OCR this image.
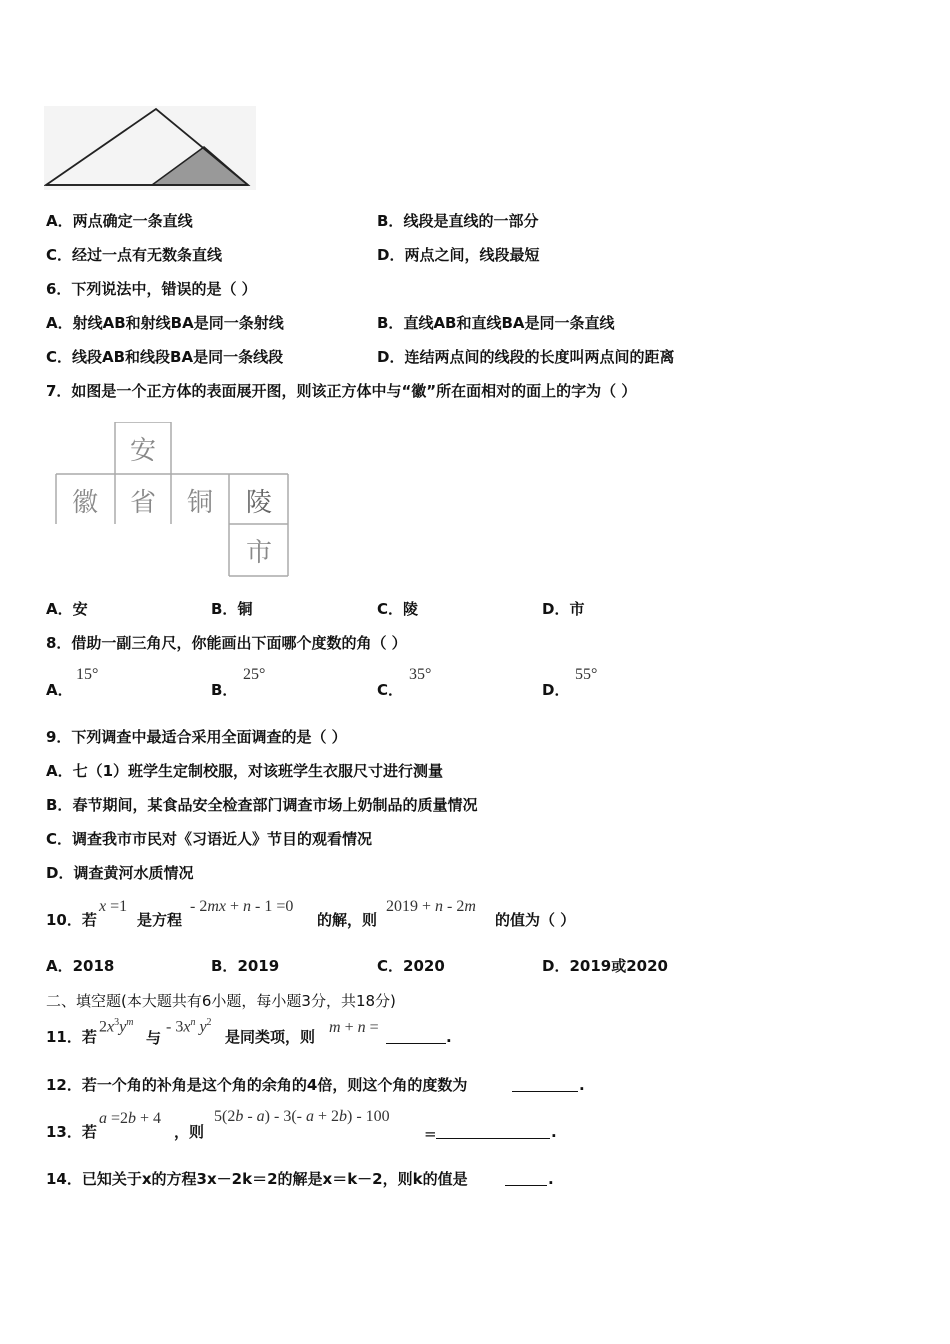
A．两点确定一条直线	B．线段是直线的一部分
C．经过一点有无数条直线	D．两点之间，线段最短
6．下列说法中，错误的是（ ）
A．射线AB和射线BA是同一条射线	B．直线AB和直线BA是同一条直线
C．线段AB和线段BA是同一条线段	D．连结两点间的线段的长度叫两点间的距离
7．如图是一个正方体的表面展开图，则该正方体中与“徽”所在面相对的面上的字为（ ）
安
徽	省	铜	陵
市
A．安	B．铜	C．陵	D．市
8．借助一副三角尺，你能画出下面哪个度数的角（ ）
A．
15°
B．
25°
C．
35°
D．
55°
9．下列调查中最适合采用全面调查的是（ ）
A．七（1）班学生定制校服，对该班学生衣服尺寸进行测量
B．春节期间，某食品安全检查部门调查市场上奶制品的质量情况
C．调查我市市民对《习语近人》节目的观看情况
D．调查黄河水质情况
10．若
x =1
是方程
- 2mx + n - 1 =0
的解，则
2019 + n - 2m
的值为（ ）
A．2018	B．2019	C．2020	D．2019或2020
二、填空题(本大题共有6小题，每小题3分，共18分)
11．若
$2x^3y^m$
与
- $3x^n$ $y^2$
是同类项，则
m + n =
.
12．若一个角的补角是这个角的余角的4倍，则这个角的度数为	.
13．若
a =2b + 4
，则
5(2b - a) - 3(- a + 2b) - 100
=	.
14．已知关于x的方程3x－2k＝2的解是x＝k－2，则k的值是	.
